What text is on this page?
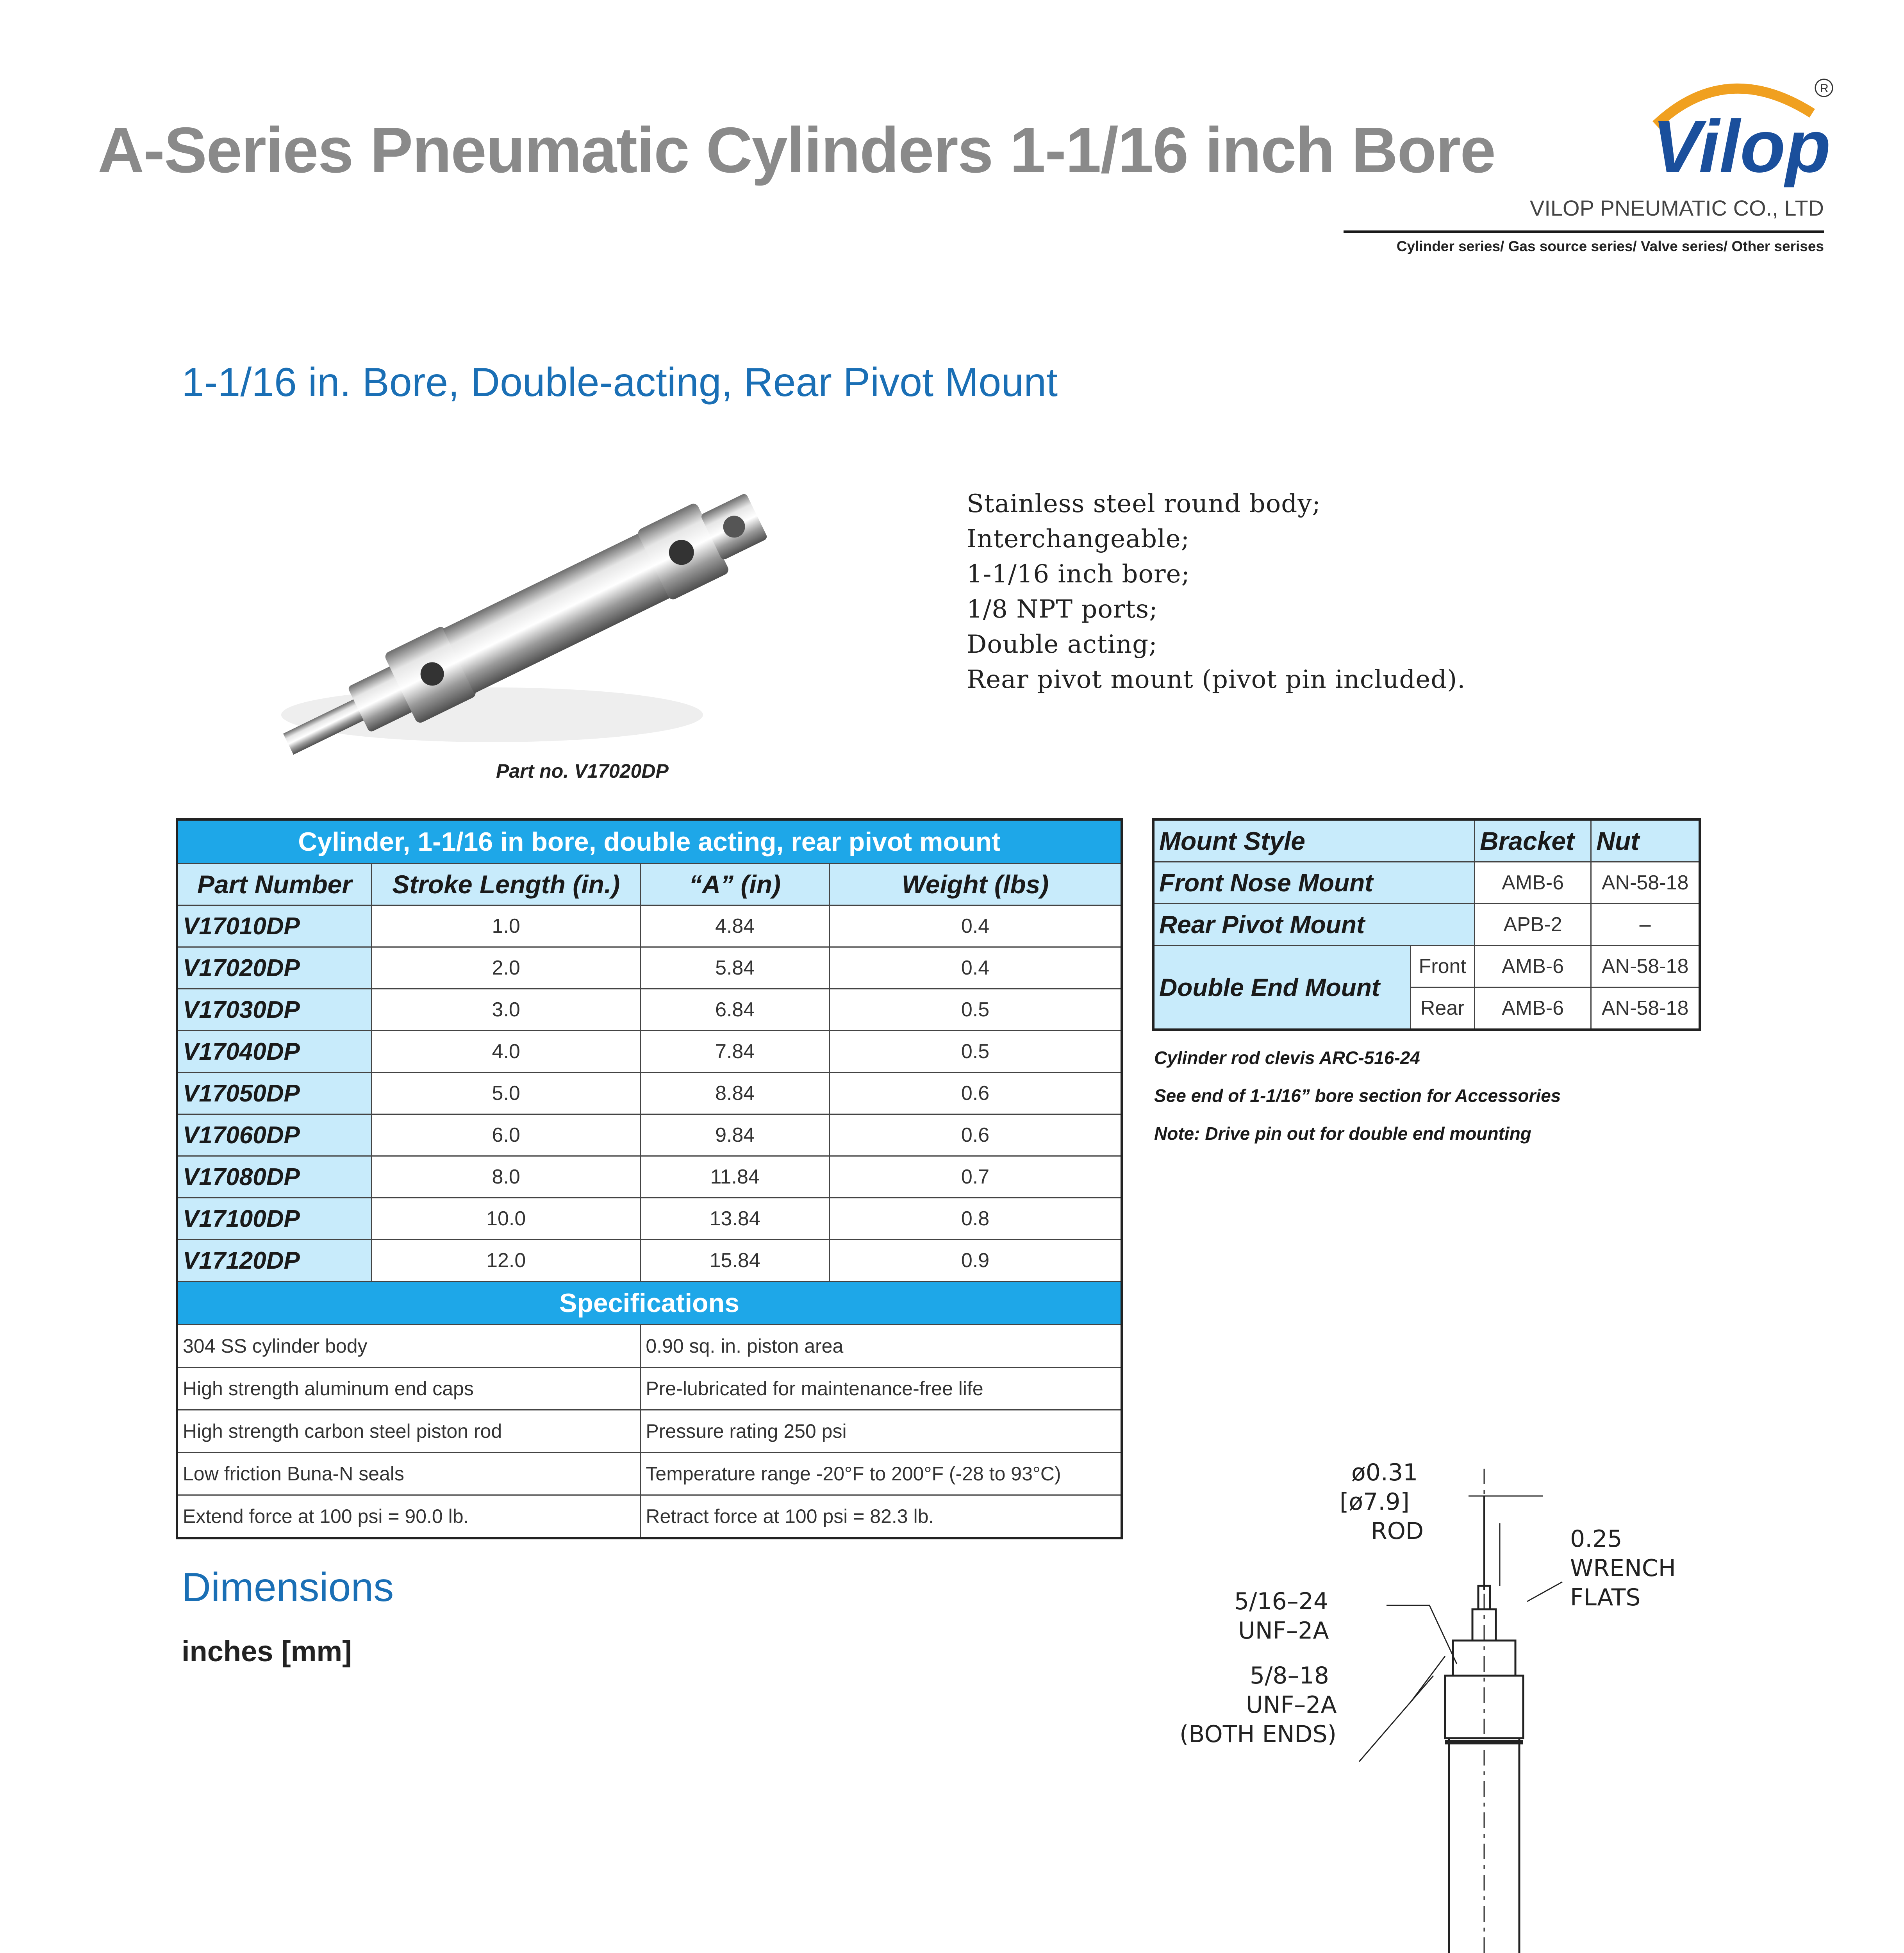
A-Series Pneumatic Cylinders 1-1/16 inch Bore Vilop
R
VILOP PNEUMATIC CO., LTD
Cylinder series/ Gas source series/ Valve series/ Other serises
1-1/16 in. Bore, Double-acting, Rear Pivot Mount
Part no. V17020DP
Stainless steel round body;
Interchangeable;
1-1/16 inch bore;
1/8 NPT ports;
Double acting;
Rear pivot mount (pivot pin included).
Cylinder, 1-1/16 in bore, double acting, rear pivot mount			
Part Number	Stroke Length (in.)	“A” (in)	Weight (lbs)
V17010DP	1.0	4.84	0.4
V17020DP	2.0	5.84	0.4
V17030DP	3.0	6.84	0.5
V17040DP	4.0	7.84	0.5
V17050DP	5.0	8.84	0.6
V17060DP	6.0	9.84	0.6
V17080DP	8.0	11.84	0.7
V17100DP	10.0	13.84	0.8
V17120DP	12.0	15.84	0.9
Specifications			
304 SS cylinder body		0.90 sq. in. piston area	
High strength aluminum end caps		Pre-lubricated for maintenance-free life	
High strength carbon steel piston rod		Pressure rating 250 psi	
Low friction Buna-N seals		Temperature range -20°F to 200°F (-28 to 93°C)	
Extend force at 100 psi = 90.0 lb.		Retract force at 100 psi = 82.3 lb.	
Mount Style		Bracket	Nut
Front Nose Mount		AMB-6	AN-58-18
Rear Pivot Mount		APB-2	–
Double End Mount	Front	AMB-6	AN-58-18
	Rear	AMB-6	AN-58-18
Cylinder rod clevis ARC-516-24
See end of 1-1/16” bore section for Accessories
Note: Drive pin out for double end mounting
Dimensions
inches [mm]
ø0.31
[ø7.9]
ROD	0.25
WRENCH
FLATS
5/16–24
UNF–2A
5/8–18
UNF–2A
(BOTH ENDS)
